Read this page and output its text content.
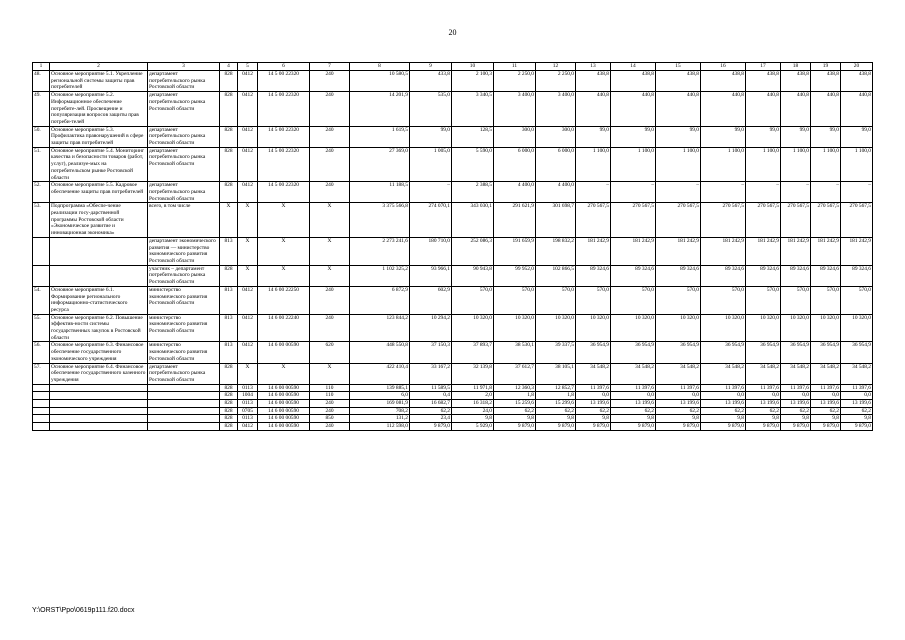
20
1	2	3	4	5	6	7	8	9	10	11	12	13	14	15	16	17	18	19	20
48.	Основное мероприятие 5.1. Укрепление региональной системы защиты прав потребителей	департамент потребительского рынка Ростовской области	828	0412	14 5 00 22320	240	10 580,5	433,8	2 100,3	2 250,0	2 250,0	438,8	438,8	438,8	438,8	438,8	438,8	438,8	438,8
49.	Основное мероприятие 5.2. Информационное обеспечение потребите-лей. Просвещение и популяризация вопросов защиты прав потреби-телей	департамент потребительского рынка Ростовской области	828	0412	14 5 00 22320	240	14 201,9	535,0	3 340,5	3 400,0	3 400,0	440,8	440,8	440,8	440,8	440,8	440,8	440,8	440,8
50.	Основное мероприятие 5.3. Профилактика правонарушений в сфере защиты прав потребителей	департамент потребительского рынка Ростовской области	828	0412	14 5 00 22320	240	1 619,5	99,0	128,5	300,0	300,0	99,0	99,0	99,0	99,0	99,0	99,0	99,0	99,0
51.	Основное мероприятие 5.4. Мониторинг качества и безопасности товаров (работ, услуг), реализуе-мых на потребительском рынке Ростовской области	департамент потребительского рынка Ростовской области	828	0412	14 5 00 22320	240	27 369,0	1 005,0	5 590,0	6 000,0	6 000,0	1 100,0	1 100,0	1 100,0	1 100,0	1 100,0	1 100,0	1 100,0	1 100,0
52.	Основное мероприятие 5.5. Кадровое обеспечение защиты прав потребителей	департамент потребительского рынка Ростовской области	828	0412	14 5 00 22320	240	11 188,5	–	2 388,5	4 400,0	4 400,0	–	–	–	–	–	–	–	–
53.	Подпрограмма «Обеспе-чение реализации госу-дарственной программы Ростовской области «Экономическое развитие и инновационная экономика»	всего, в том числе	X	X	X	X	3 375 566,8	274 070,1	343 030,1	291 621,9	301 698,7	270 567,5	270 567,5	270 567,5	270 567,5	270 567,5	270 567,5	270 567,5	270 567,5
		департамент экономического развития — министерство экономического развития Ростовской области	813	X	X	X	2 273 241,6	180 710,0	252 086,3	191 659,9	198 832,2	181 242,9	181 242,9	181 242,9	181 242,9	181 242,9	181 242,9	181 242,9	181 242,9
		участник – департамент потребительского рынка Ростовской области	828	X	X	X	1 102 325,2	93 966,1	90 943,8	99 952,0	102 866,5	89 324,6	89 324,6	89 324,6	89 324,6	89 324,6	89 324,6	89 324,6	89 324,6
54.	Основное мероприятие 6.1. Формирование регионального информационно-статистического ресурса	министерство экономического развития Ростовской области	813	0412	14 6 00 22250	240	6 872,9	602,9	570,0	570,0	570,0	570,0	570,0	570,0	570,0	570,0	570,0	570,0	570,0
55.	Основное мероприятие 6.2. Повышение эффектив-ности системы государственных закупок в Ростовской области	министерство экономического развития Ростовской области	813	0412	14 6 00 22240	240	123 844,2	10 294,2	10 320,0	10 320,0	10 320,0	10 320,0	10 320,0	10 320,0	10 320,0	10 320,0	10 320,0	10 320,0	10 320,0
56.	Основное мероприятие 6.3. Финансовое обеспечение государственного экономического учреждения	министерство экономического развития Ростовской области	813	0412	14 6 00 00590	620	448 550,8	37 150,3	37 893,7	38 530,1	39 337,5	36 954,9	36 954,9	36 954,9	36 954,9	36 954,9	36 954,9	36 954,9	36 954,9
57.	Основное мероприятие 6.4. Финансовое обеспечение государственного казенного учреждения	департамент потребительского рынка Ростовской области	828	X	X	X	422 410,4	33 167,2	32 139,8	37 612,7	38 105,1	34 548,2	34 548,2	34 548,2	34 548,2	34 548,2	34 548,2	34 548,2	34 548,2
			828	0113	14 6 00 00590	110	139 885,1	11 589,5	11 971,8	12 360,3	12 852,7	11 397,6	11 397,6	11 397,6	11 397,6	11 397,6	11 397,6	11 397,6	11 397,6
			828	1004	14 6 00 00590	110	6,0	0,4	2,0	1,8	1,8	0,0	0,0	0,0	0,0	0,0	0,0	0,0	0,0
			828	0113	14 6 00 00590	240	169 081,9	16 682,7	16 318,2	15 259,6	15 299,6	13 199,6	13 199,6	13 199,6	13 199,6	13 199,6	13 199,6	13 199,6	13 199,6
			828	0705	14 6 00 00590	240	708,2	62,2	24,0	62,2	62,2	62,2	62,2	62,2	62,2	62,2	62,2	62,2	62,2
			828	0113	14 6 00 00590	850	131,2	23,4	9,8	9,8	9,8	9,8	9,8	9,8	9,8	9,8	9,8	9,8	9,8
			828	0412	14 6 00 00590	240	112 598,0	9 879,0	5 929,0	9 879,0	9 879,0	9 879,0	9 879,0	9 879,0	9 879,0	9 879,0	9 879,0	9 879,0	9 879,0
Y:\ORST\Ppo\0619p111.f20.docx
